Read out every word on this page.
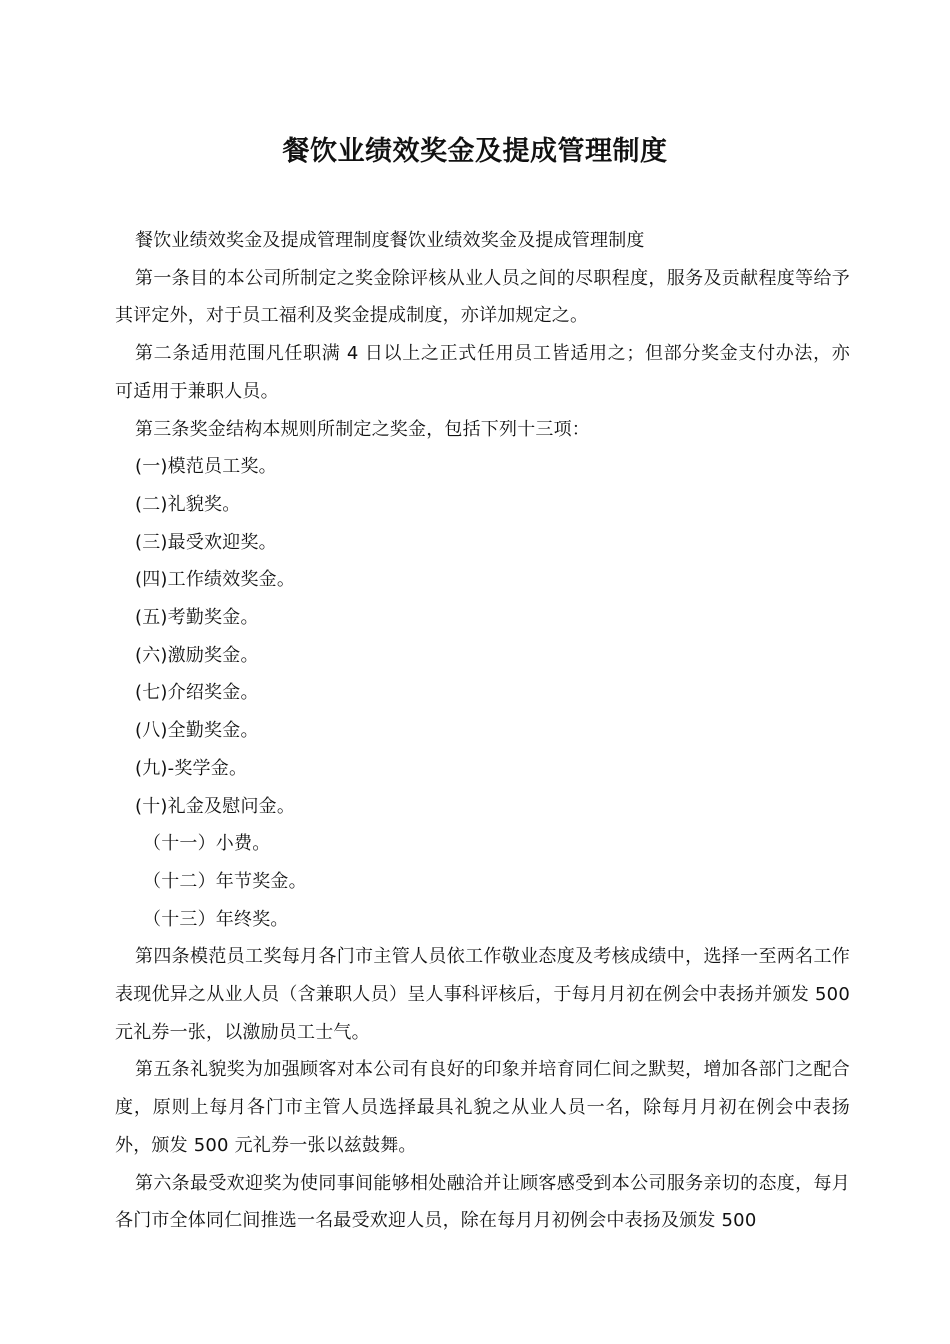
餐饮业绩效奖金及提成管理制度

餐饮业绩效奖金及提成管理制度餐饮业绩效奖金及提成管理制度

第一条目的本公司所制定之奖金除评核从业人员之间的尽职程度，服务及贡献程度等给予其评定外，对于员工福利及奖金提成制度，亦详加规定之。

第二条适用范围凡任职满 4 日以上之正式任用员工皆适用之；但部分奖金支付办法，亦可适用于兼职人员。

第三条奖金结构本规则所制定之奖金，包括下列十三项：

(一)模范员工奖。

(二)礼貌奖。

(三)最受欢迎奖。

(四)工作绩效奖金。

(五)考勤奖金。

(六)激励奖金。

(七)介绍奖金。

(八)全勤奖金。

(九)-奖学金。

(十)礼金及慰问金。

（十一）小费。

（十二）年节奖金。

（十三）年终奖。

第四条模范员工奖每月各门市主管人员依工作敬业态度及考核成绩中，选择一至两名工作表现优异之从业人员（含兼职人员）呈人事科评核后，于每月月初在例会中表扬并颁发 500 元礼券一张，以激励员工士气。

第五条礼貌奖为加强顾客对本公司有良好的印象并培育同仁间之默契，增加各部门之配合度，原则上每月各门市主管人员选择最具礼貌之从业人员一名，除每月月初在例会中表扬外，颁发 500 元礼券一张以兹鼓舞。

第六条最受欢迎奖为使同事间能够相处融洽并让顾客感受到本公司服务亲切的态度，每月各门市全体同仁间推选一名最受欢迎人员，除在每月月初例会中表扬及颁发 500
